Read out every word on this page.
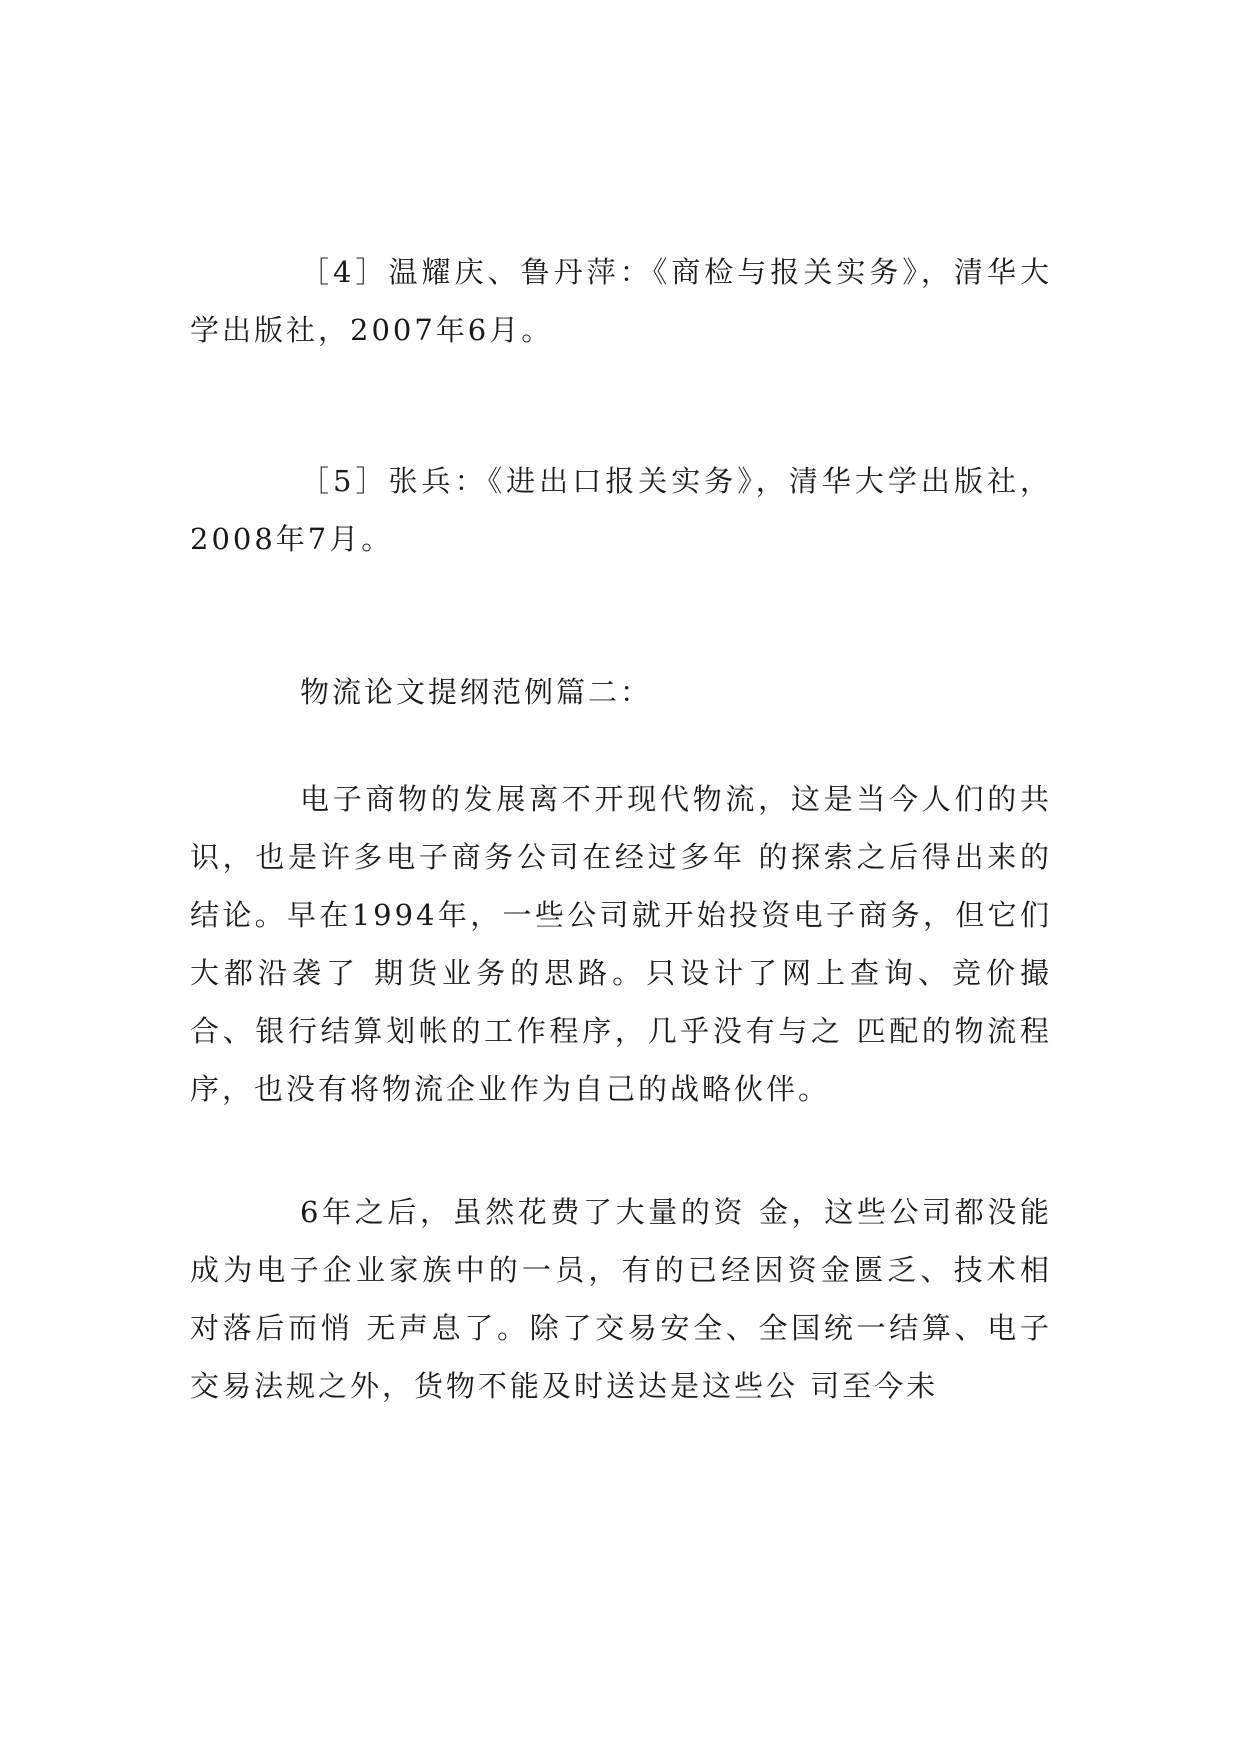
［4］温耀庆、鲁丹萍：《商检与报关实务》，清华大学出版社，2007年6月。

［5］张兵：《进出口报关实务》，清华大学出版社，2008年7月。

物流论文提纲范例篇二：

电子商物的发展离不开现代物流，这是当今人们的共识，也是许多电子商务公司在经过多年 的探索之后得出来的结论。早在1994年，一些公司就开始投资电子商务，但它们大都沿袭了 期货业务的思路。只设计了网上查询、竞价撮合、银行结算划帐的工作程序，几乎没有与之 匹配的物流程序，也没有将物流企业作为自己的战略伙伴。

6年之后，虽然花费了大量的资 金，这些公司都没能成为电子企业家族中的一员，有的已经因资金匮乏、技术相对落后而悄 无声息了。除了交易安全、全国统一结算、电子交易法规之外，货物不能及时送达是这些公 司至今未
